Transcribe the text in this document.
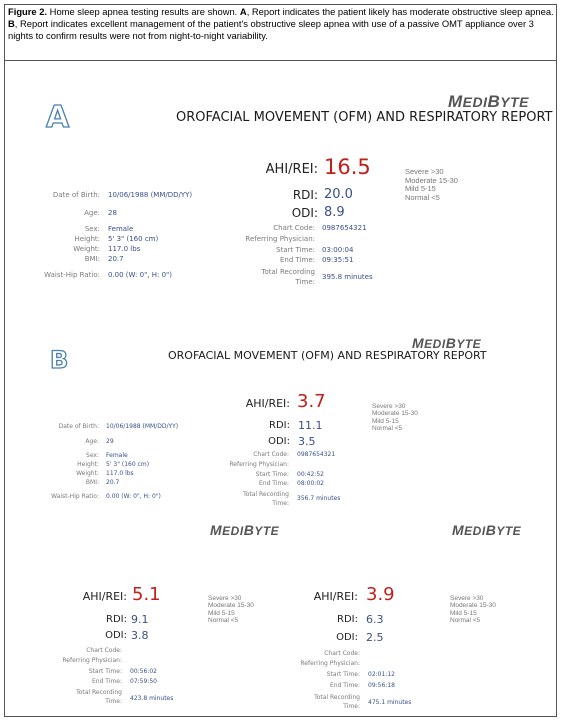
Figure 2. Home sleep apnea testing results are shown. A, Report indicates the patient likely has moderate obstructive sleep apnea. B, Report indicates excellent management of the patient's obstructive sleep apnea with use of a passive OMT appliance over 3 nights to confirm results were not from night-to-night variability.
MEDIBYTE
A	OROFACIAL MOVEMENT (OFM) AND RESPIRATORY REPORT
AHI/REI: 16.5	Severe >30
Moderate 15-30
Mild 5-15
Normal <5
RDI: 20.0
ODI: 8.9
Date of Birth: 10/06/1988 (MM/DD/YY)
Age: 28
Sex: Female
Height: 5' 3" (160 cm)
Weight: 117.0 lbs
BMI: 20.7
Waist-Hip Ratio: 0.00 (W: 0", H: 0")
Chart Code: 0987654321
Referring Physician:
Start Time: 03:00:04
End Time: 09:35:51
Total Recording
Time:
395.8 minutes
MEDIBYTE
B	OROFACIAL MOVEMENT (OFM) AND RESPIRATORY REPORT
AHI/REI: 3.7	Severe >30
Moderate 15-30
Mild 5-15
Normal <5
RDI: 11.1
ODI: 3.5
Date of Birth: 10/06/1988 (MM/DD/YY)
Age: 29
Sex: Female
Height: 5' 3" (160 cm)
Weight: 117.0 lbs
BMI: 20.7
Waist-Hip Ratio: 0.00 (W: 0", H: 0")
Chart Code: 0987654321
Referring Physician:
Start Time: 00:42:52
End Time: 08:00:02
Total Recording
Time:
356.7 minutes
MEDIBYTE
AHI/REI: 5.1	Severe >30
Moderate 15-30
Mild 5-15
Normal <5
RDI: 9.1
ODI: 3.8
Chart Code:
Referring Physician:
Start Time: 00:56:02
End Time: 07:59:50
Total Recording
Time: 423.8 minutes
MEDIBYTE
AHI/REI: 3.9	Severe >30
Moderate 15-30
Mild 5-15
Normal <5
RDI: 6.3
ODI: 2.5
Chart Code:
Referring Physician:
Start Time: 02:01:12
End Time: 09:56:18
Total Recording
Time:
475.1 minutes
